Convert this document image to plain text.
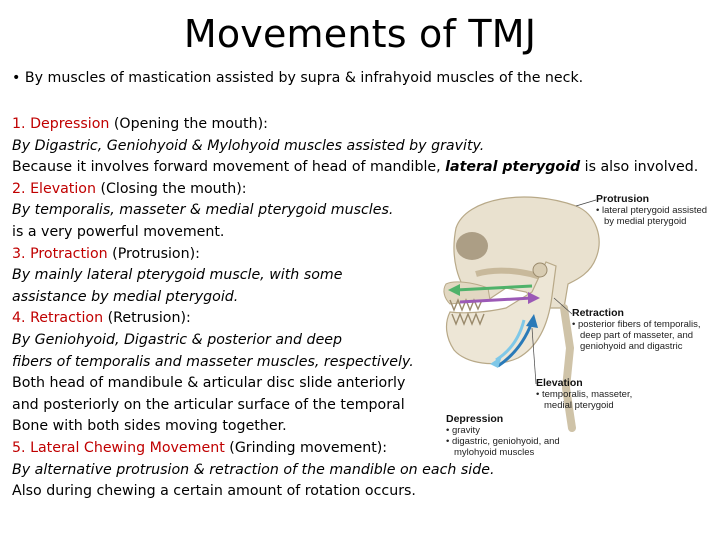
Movements of TMJ
• By muscles of mastication assisted by supra & infrahyoid muscles of the neck.
1. Depression (Opening the mouth):
By Digastric, Geniohyoid & Mylohyoid muscles assisted by gravity.
Because it involves forward movement of head of mandible, lateral pterygoid is also involved.
2. Elevation (Closing the mouth):
By temporalis, masseter & medial pterygoid muscles.
is a very powerful movement.
3. Protraction (Protrusion):
By mainly lateral pterygoid muscle, with some
assistance by medial pterygoid.
4. Retraction (Retrusion):
By Geniohyoid, Digastric & posterior and deep
fibers of temporalis and masseter muscles, respectively.
Both head of mandibule & articular disc slide anteriorly
and posteriorly on the articular surface of the temporal
Bone with both sides moving together.
5. Lateral Chewing Movement (Grinding movement):
By alternative protrusion & retraction of the mandible on each side.
Also during chewing a certain amount of rotation occurs.
Protrusion
• lateral pterygoid assisted
by medial pterygoid
Retraction
• posterior fibers of temporalis,
deep part of masseter, and
geniohyoid and digastric
Elevation
• temporalis, masseter,
medial pterygoid
Depression
• gravity
• digastric, geniohyoid, and
mylohyoid muscles
